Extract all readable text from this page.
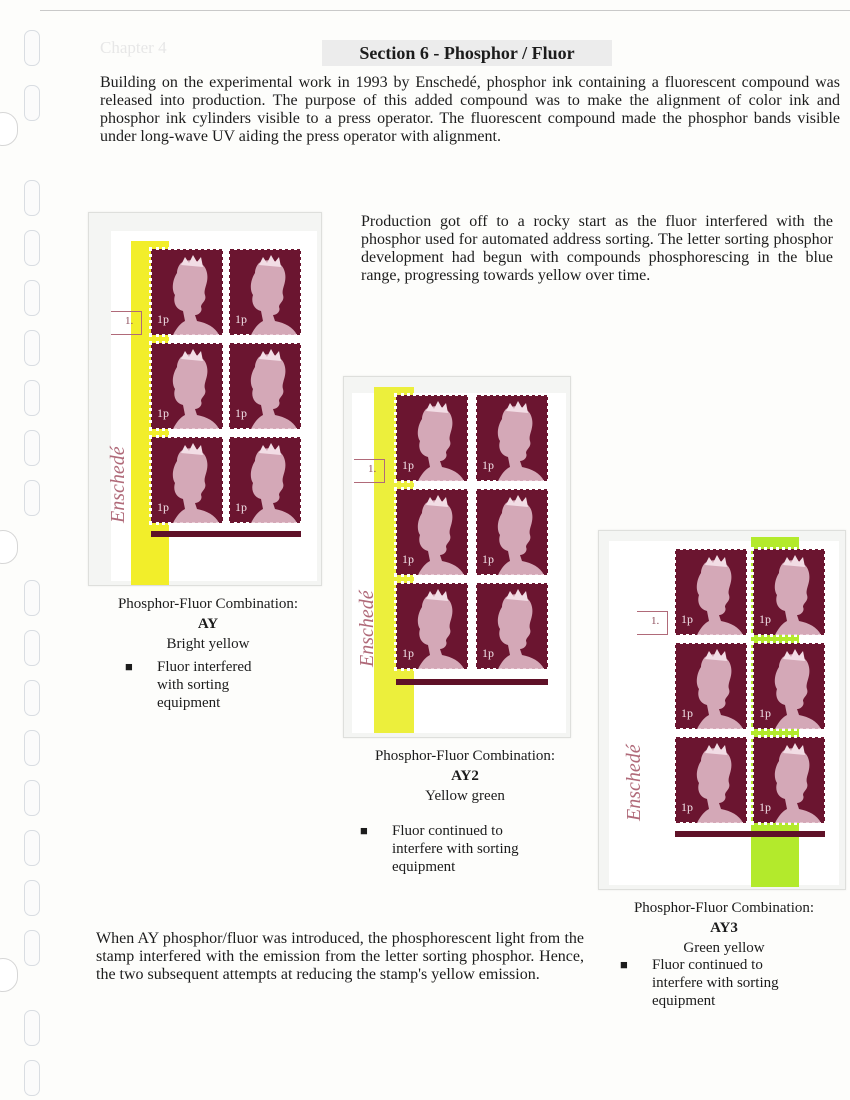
Chapter 4	Section 6 - Phosphor / Fluor
Building on the experimental work in 1993 by Enschedé, phosphor ink containing a fluorescent compound was released into production. The purpose of this added compound was to make the alignment of color ink and phosphor ink cylinders visible to a press operator. The fluorescent compound made the phosphor bands visible under long-wave UV aiding the press operator with alignment.
Production got off to a rocky start as the fluor interfered with the phosphor used for automated address sorting. The letter sorting phosphor development had begun with compounds phosphorescing in the blue range, progressing towards yellow over time.
1.
Enschedé
1p	1p
1p	1p
1p	1p
Phosphor-Fluor Combination:
AY
Bright yellow
■ Fluor interfered with sorting equipment
1.
Enschedé
1p	1p
1p	1p
1p	1p
Phosphor-Fluor Combination:
AY2
Yellow green
■ Fluor continued to interfere with sorting equipment
1.
Enschedé
1p	1p
1p	1p
1p	1p
Phosphor-Fluor Combination:
AY3
Green yellow
■ Fluor continued to interfere with sorting equipment
When AY phosphor/fluor was introduced, the phosphorescent light from the stamp interfered with the emission from the letter sorting phosphor. Hence, the two subsequent attempts at reducing the stamp's yellow emission.
